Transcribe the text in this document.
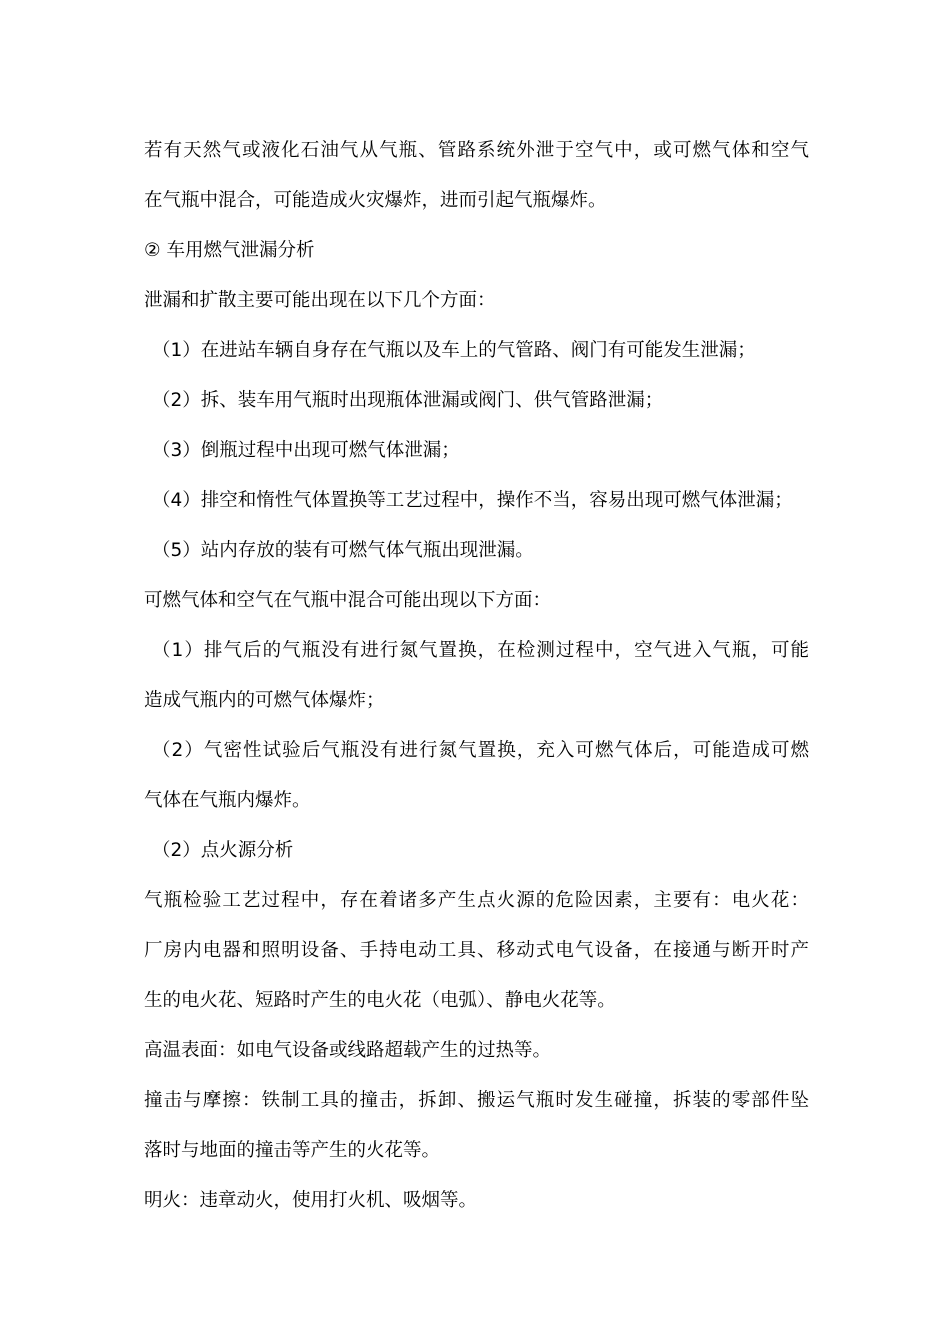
若有天然气或液化石油气从气瓶、管路系统外泄于空气中，或可燃气体和空气
在气瓶中混合，可能造成火灾爆炸，进而引起气瓶爆炸。
② 车用燃气泄漏分析
泄漏和扩散主要可能出现在以下几个方面：
（1）在进站车辆自身存在气瓶以及车上的气管路、阀门有可能发生泄漏；
（2）拆、装车用气瓶时出现瓶体泄漏或阀门、供气管路泄漏；
（3）倒瓶过程中出现可燃气体泄漏；
（4）排空和惰性气体置换等工艺过程中，操作不当，容易出现可燃气体泄漏；
（5）站内存放的装有可燃气体气瓶出现泄漏。
可燃气体和空气在气瓶中混合可能出现以下方面：
（1）排气后的气瓶没有进行氮气置换，在检测过程中，空气进入气瓶，可能
造成气瓶内的可燃气体爆炸；
（2）气密性试验后气瓶没有进行氮气置换，充入可燃气体后，可能造成可燃
气体在气瓶内爆炸。
（2）点火源分析
气瓶检验工艺过程中，存在着诸多产生点火源的危险因素，主要有：电火花：
厂房内电器和照明设备、手持电动工具、移动式电气设备，在接通与断开时产
生的电火花、短路时产生的电火花（电弧）、静电火花等。
高温表面：如电气设备或线路超载产生的过热等。
撞击与摩擦：铁制工具的撞击，拆卸、搬运气瓶时发生碰撞，拆装的零部件坠
落时与地面的撞击等产生的火花等。
明火：违章动火，使用打火机、吸烟等。
